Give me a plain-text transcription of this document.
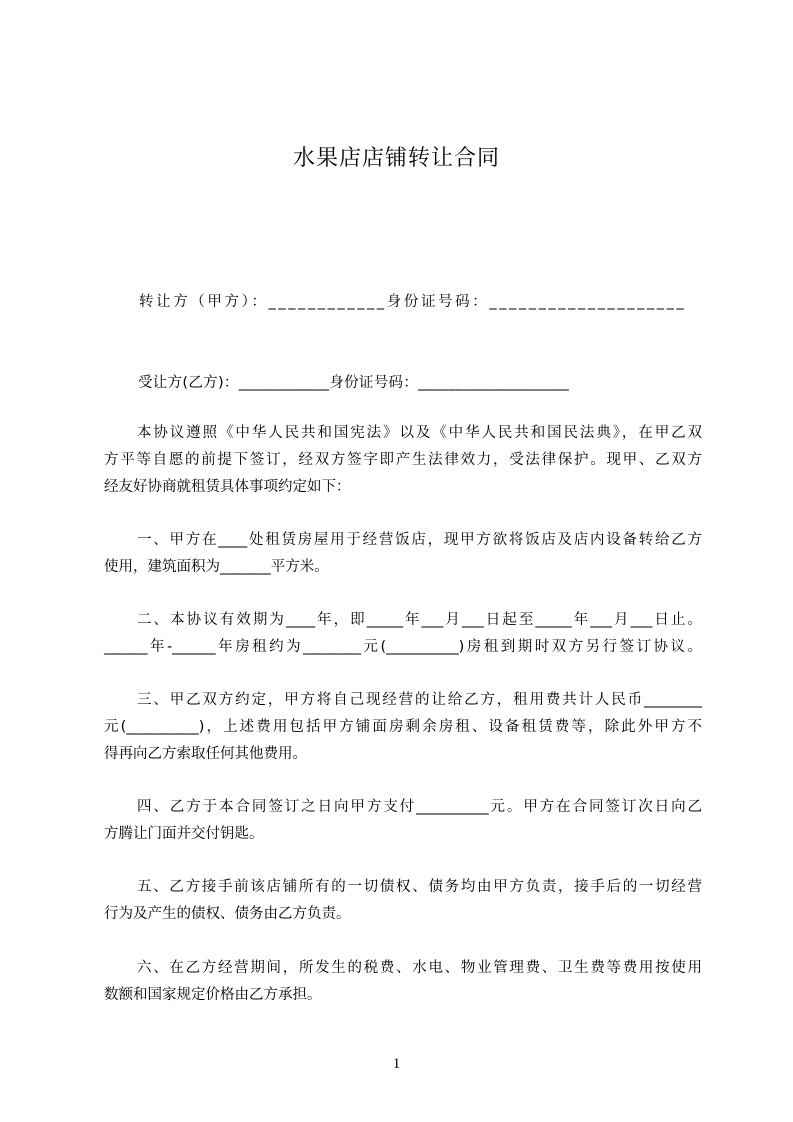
水果店店铺转让合同
转让方（甲方）：____________身份证号码：____________________
受让方(乙方)：____________身份证号码：____________________
本协议遵照《中华人民共和国宪法》以及《中华人民共和国民法典》，在甲乙双
方平等自愿的前提下签订，经双方签字即产生法律效力，受法律保护。现甲、乙双方
经友好协商就租赁具体事项约定如下：
一、甲方在____处租赁房屋用于经营饭店，现甲方欲将饭店及店内设备转给乙方
使用，建筑面积为_______平方米。
二、本协议有效期为____年，即_____年___月___日起至_____年___月___日止。
______年-______年房租约为________元(__________)房租到期时双方另行签订协议。
三、甲乙双方约定，甲方将自己现经营的让给乙方，租用费共计人民币________
元(__________)，上述费用包括甲方铺面房剩余房租、设备租赁费等，除此外甲方不
得再向乙方索取任何其他费用。
四、乙方于本合同签订之日向甲方支付__________元。甲方在合同签订次日向乙
方腾让门面并交付钥匙。
五、乙方接手前该店铺所有的一切债权、债务均由甲方负责，接手后的一切经营
行为及产生的债权、债务由乙方负责。
六、在乙方经营期间，所发生的税费、水电、物业管理费、卫生费等费用按使用
数额和国家规定价格由乙方承担。
1
